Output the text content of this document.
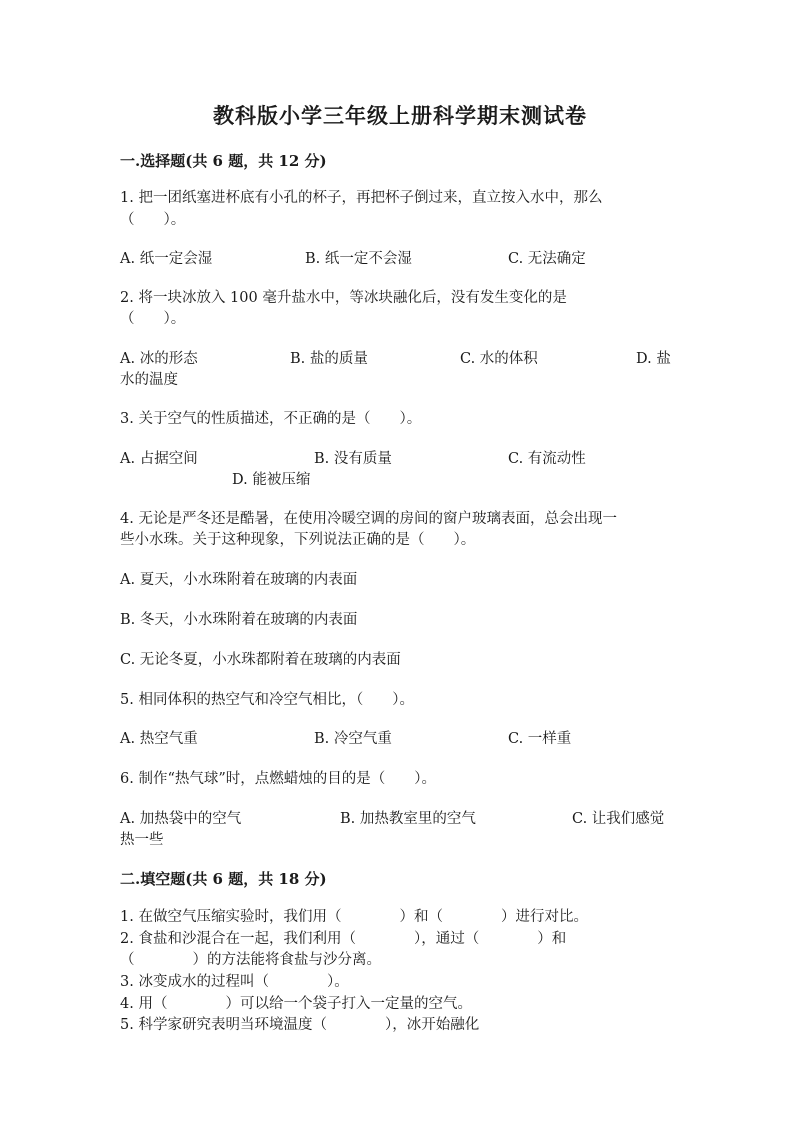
教科版小学三年级上册科学期末测试卷
一.选择题(共 6 题，共 12 分)
1. 把一团纸塞进杯底有小孔的杯子，再把杯子倒过来，直立按入水中，那么
（　　）。
A. 纸一定会湿	B. 纸一定不会湿	C. 无法确定
2. 将一块冰放入 100 毫升盐水中，等冰块融化后，没有发生变化的是
（　　）。
A. 冰的形态	B. 盐的质量	C. 水的体积	D. 盐
水的温度
3. 关于空气的性质描述，不正确的是（　　）。
A. 占据空间	B. 没有质量	C. 有流动性
D. 能被压缩
4. 无论是严冬还是酷暑，在使用冷暖空调的房间的窗户玻璃表面，总会出现一
些小水珠。关于这种现象，下列说法正确的是（　　）。
A. 夏天，小水珠附着在玻璃的内表面
B. 冬天，小水珠附着在玻璃的内表面
C. 无论冬夏，小水珠都附着在玻璃的内表面
5. 相同体积的热空气和冷空气相比，（　　）。
A. 热空气重	B. 冷空气重	C. 一样重
6. 制作“热气球”时，点燃蜡烛的目的是（　　）。
A. 加热袋中的空气	B. 加热教室里的空气	C. 让我们感觉
热一些
二.填空题(共 6 题，共 18 分)
1. 在做空气压缩实验时，我们用（　　　　）和（　　　　）进行对比。
2. 食盐和沙混合在一起，我们利用（　　　　），通过（　　　　）和
（　　　　）的方法能将食盐与沙分离。
3. 冰变成水的过程叫（　　　　）。
4. 用（　　　　）可以给一个袋子打入一定量的空气。
5. 科学家研究表明当环境温度（　　　　），冰开始融化
